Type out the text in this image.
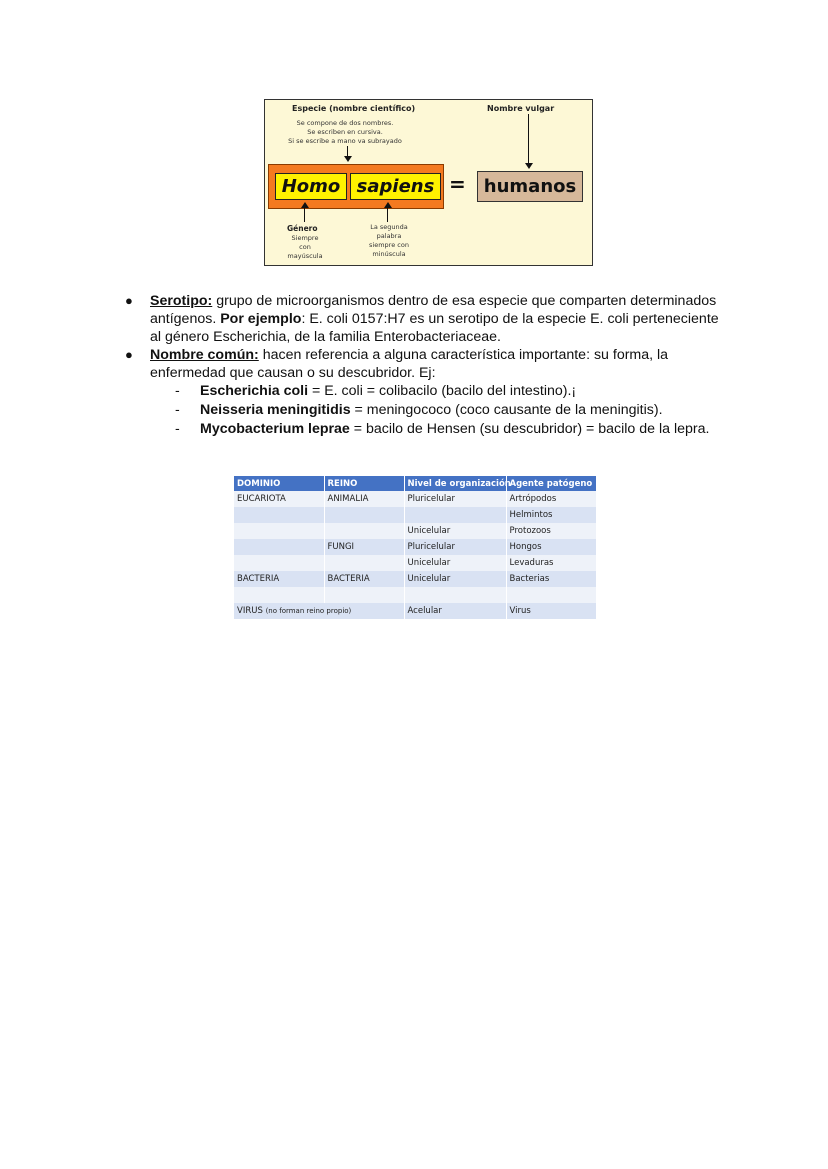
Especie (nombre científico)	Nombre vulgar
Se compone de dos nombres.
Se escriben en cursiva.
Si se escribe a mano va subrayado
Homo sapiens =	humanos
Género
Siempre
con
mayúscula
La segunda
palabra
siempre con
minúscula
● Serotipo: grupo de microorganismos dentro de esa especie que comparten determinados antígenos. Por ejemplo: E. coli 0157:H7 es un serotipo de la especie E. coli perteneciente al género Escherichia, de la familia Enterobacteriaceae.
● Nombre común: hacen referencia a alguna característica importante: su forma, la enfermedad que causan o su descubridor. Ej:
- Escherichia coli = E. coli = colibacilo (bacilo del intestino).¡
- Neisseria meningitidis = meningococo (coco causante de la meningitis).
- Mycobacterium leprae = bacilo de Hensen (su descubridor) = bacilo de la lepra.
DOMINIO	REINO	Nivel de organización	Agente patógeno
EUCARIOTA	ANIMALIA	Pluricelular	Artrópodos
			Helmintos
		Unicelular	Protozoos
	FUNGI	Pluricelular	Hongos
		Unicelular	Levaduras
BACTERIA	BACTERIA	Unicelular	Bacterias

VIRUS (no forman reino propio)		Acelular	Virus
